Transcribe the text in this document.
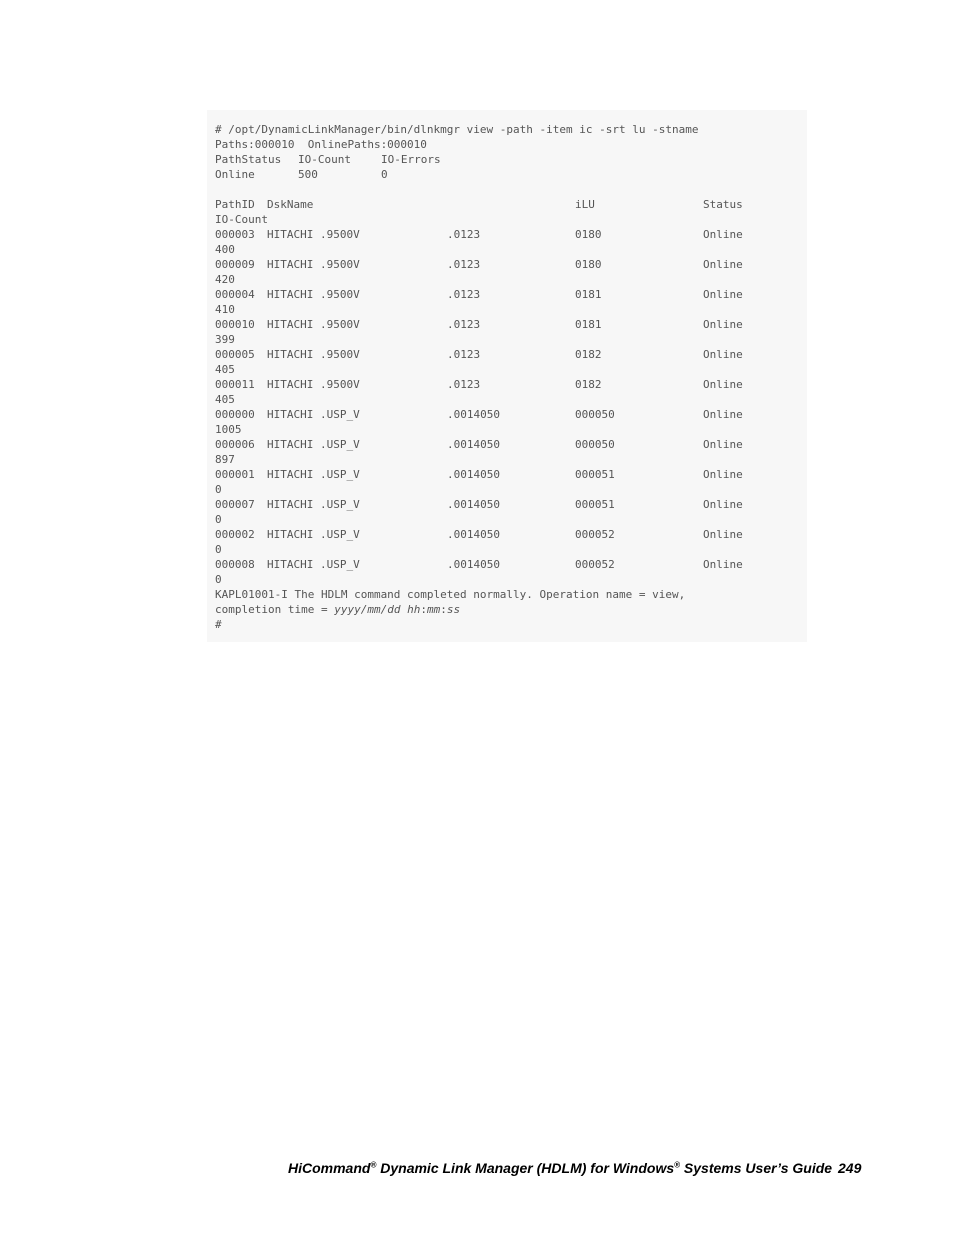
# /opt/DynamicLinkManager/bin/dlnkmgr view -path -item ic -srt lu -stname
Paths:000010  OnlinePaths:000010
PathStatus IO-Count	IO-Errors
Online	500	0
PathID DskName	iLU	Status
IO-Count
000003 HITACHI .9500V	.0123	0180	Online
400
000009 HITACHI .9500V	.0123	0180	Online
420
000004 HITACHI .9500V	.0123	0181	Online
410
000010 HITACHI .9500V	.0123	0181	Online
399
000005 HITACHI .9500V	.0123	0182	Online
405
000011 HITACHI .9500V	.0123	0182	Online
405
000000 HITACHI .USP_V	.0014050	000050	Online
1005
000006 HITACHI .USP_V	.0014050	000050	Online
897
000001 HITACHI .USP_V	.0014050	000051	Online
0
000007 HITACHI .USP_V	.0014050	000051	Online
0
000002 HITACHI .USP_V	.0014050	000052	Online
0
000008 HITACHI .USP_V	.0014050	000052	Online
0
KAPL01001-I The HDLM command completed normally. Operation name = view,
completion time = yyyy/mm/dd hh:mm:ss
#
HiCommand® Dynamic Link Manager (HDLM) for Windows® Systems User’s Guide 249
